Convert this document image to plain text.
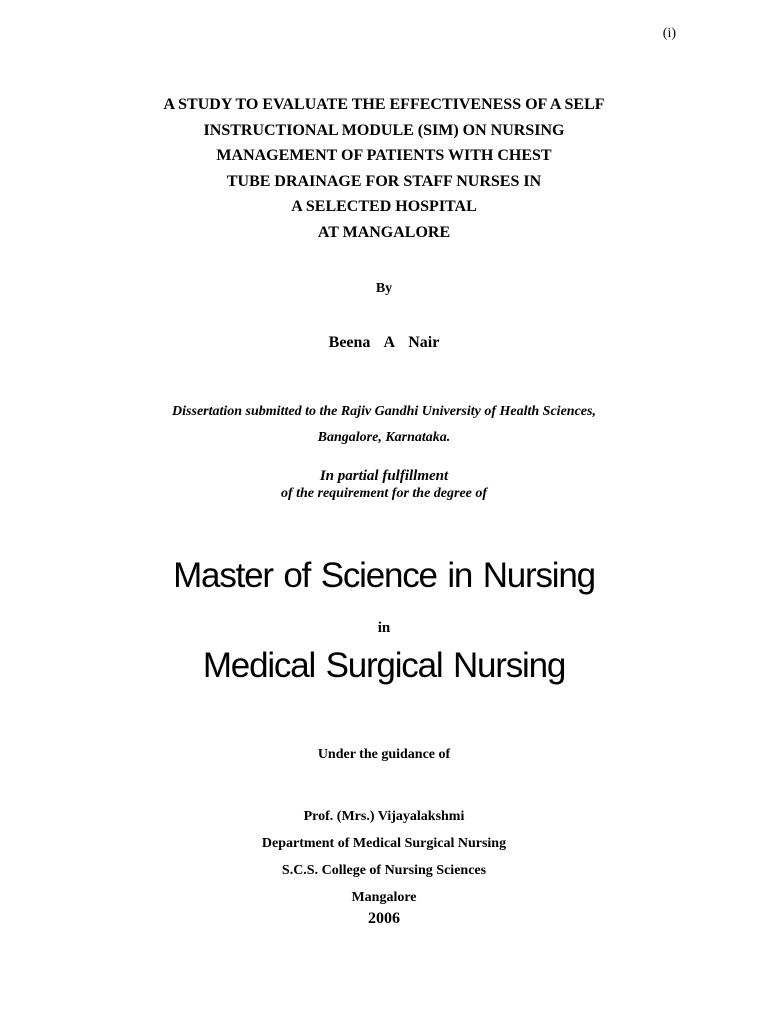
(i)
A STUDY TO EVALUATE THE EFFECTIVENESS OF A SELF
INSTRUCTIONAL MODULE (SIM) ON NURSING
MANAGEMENT OF PATIENTS WITH CHEST
TUBE DRAINAGE FOR STAFF NURSES IN
A SELECTED HOSPITAL
AT MANGALORE
By
Beena  A  Nair
Dissertation submitted to the Rajiv Gandhi University of Health Sciences,
Bangalore, Karnataka.
In partial fulfillment
of the requirement for the degree of
Master of Science in Nursing
in
Medical Surgical Nursing
Under the guidance of
Prof. (Mrs.) Vijayalakshmi
Department of Medical Surgical Nursing
S.C.S. College of Nursing Sciences
Mangalore
2006
